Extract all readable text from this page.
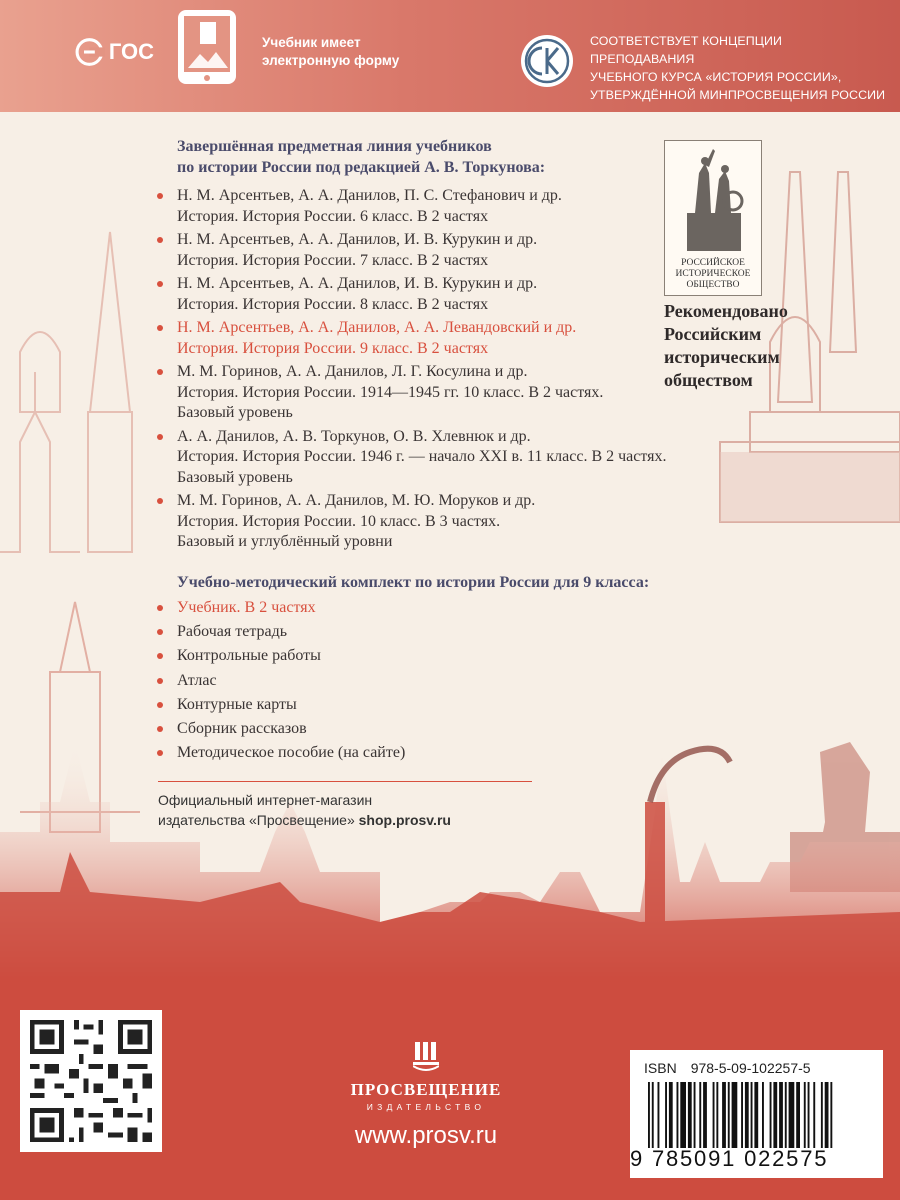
ГОС	Учебник имеет
электронную форму
СООТВЕТСТВУЕТ КОНЦЕПЦИИ ПРЕПОДАВАНИЯ
УЧЕБНОГО КУРСА «ИСТОРИЯ РОССИИ»,
УТВЕРЖДЁННОЙ МИНПРОСВЕЩЕНИЯ РОССИИ
Завершённая предметная линия учебников
по истории России под редакцией А. В. Торкунова:
Н. М. Арсентьев, А. А. Данилов, П. С. Стефанович и др.
История. История России. 6 класс. В 2 частях
Н. М. Арсентьев, А. А. Данилов, И. В. Курукин и др.
История. История России. 7 класс. В 2 частях
Н. М. Арсентьев, А. А. Данилов, И. В. Курукин и др.
История. История России. 8 класс. В 2 частях
Н. М. Арсентьев, А. А. Данилов, А. А. Левандовский и др.
История. История России. 9 класс. В 2 частях
М. М. Горинов, А. А. Данилов, Л. Г. Косулина и др.
История. История России. 1914—1945 гг. 10 класс. В 2 частях.
Базовый уровень
А. А. Данилов, А. В. Торкунов, О. В. Хлевнюк и др.
История. История России. 1946 г. — начало XXI в. 11 класс. В 2 частях.
Базовый уровень
М. М. Горинов, А. А. Данилов, М. Ю. Моруков и др.
История. История России. 10 класс. В 3 частях.
Базовый и углублённый уровни
РОССИЙСКОЕ
ИСТОРИЧЕСКОЕ
ОБЩЕСТВО
Рекомендовано
Российским
историческим
обществом
Учебно-методический комплект по истории России для 9 класса:
Учебник. В 2 частях
Рабочая тетрадь
Контрольные работы
Атлас
Контурные карты
Сборник рассказов
Методическое пособие (на сайте)
Официальный интернет-магазин
издательства «Просвещение» shop.prosv.ru
ПРОСВЕЩЕНИЕ
ИЗДАТЕЛЬСТВО
www.prosv.ru
ISBN 978-5-09-102257-5
9 785091 022575
